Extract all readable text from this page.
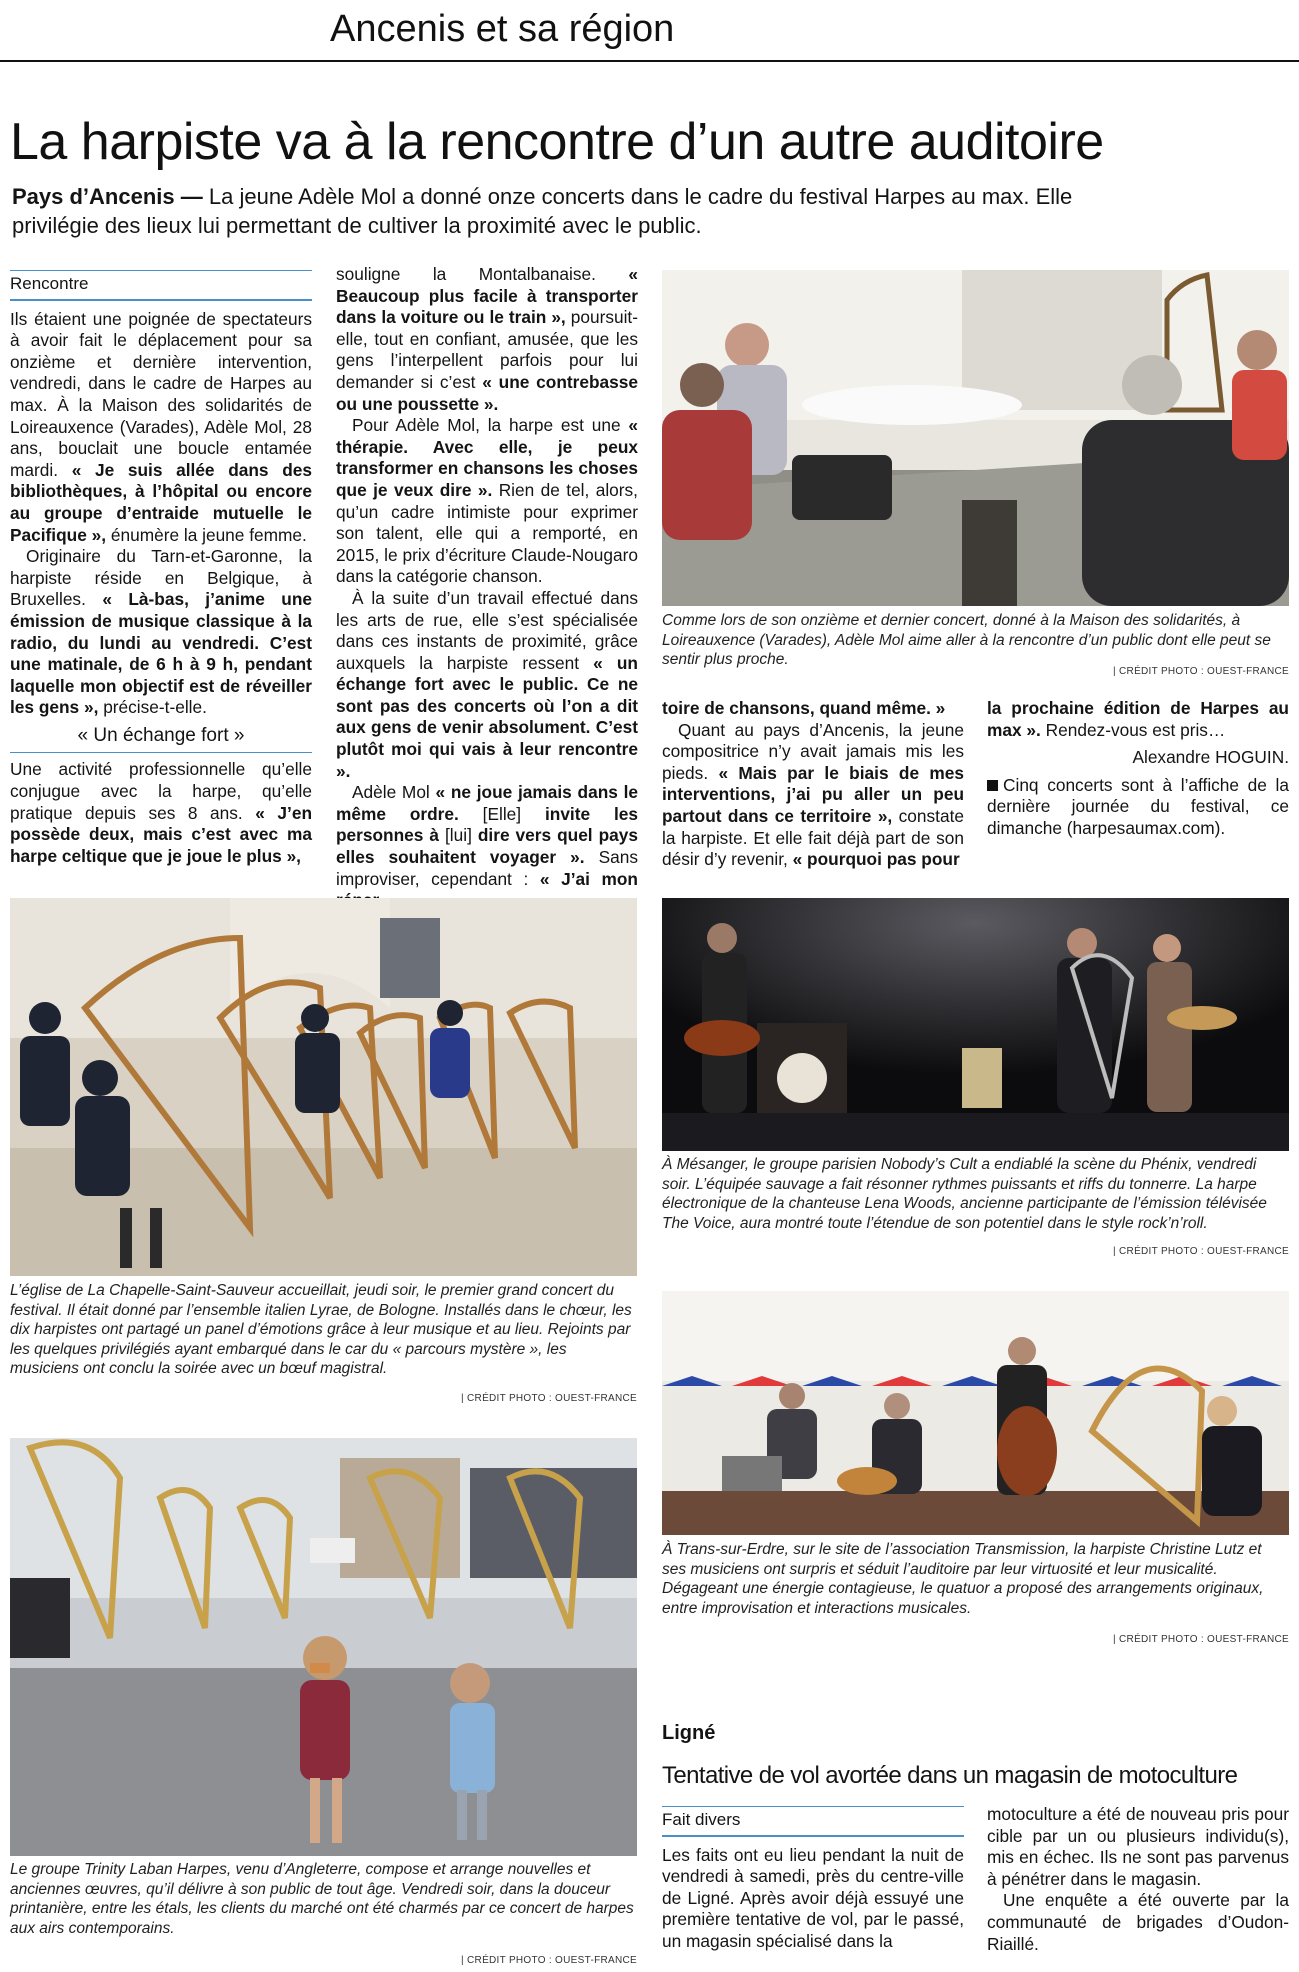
Ancenis et sa région
La harpiste va à la rencontre d’un autre auditoire
Pays d’Ancenis — La jeune Adèle Mol a donné onze concerts dans le cadre du festival Harpes au max. Elle privilégie des lieux lui permettant de cultiver la proximité avec le public.
Rencontre

Ils étaient une poignée de spectateurs à avoir fait le déplacement pour sa onzième et dernière intervention, vendredi, dans le cadre de Harpes au max. À la Maison des solidarités de Loireauxence (Varades), Adèle Mol, 28 ans, bouclait une boucle entamée mardi. « Je suis allée dans des bibliothèques, à l’hôpital ou encore au groupe d’entraide mutuelle le Pacifique », énumère la jeune femme.

Originaire du Tarn-et-Garonne, la harpiste réside en Belgique, à Bruxelles. « Là-bas, j’anime une émission de musique classique à la radio, du lundi au vendredi. C’est une matinale, de 6 h à 9 h, pendant laquelle mon objectif est de réveiller les gens », précise-t-elle.

« Un échange fort »

Une activité professionnelle qu’elle conjugue avec la harpe, qu’elle pratique depuis ses 8 ans. « J’en possède deux, mais c’est avec ma harpe celtique que je joue le plus »,

souligne la Montalbanaise. « Beaucoup plus facile à transporter dans la voiture ou le train », poursuit-elle, tout en confiant, amusée, que les gens l’interpellent parfois pour lui demander si c’est « une contrebasse ou une poussette ».

Pour Adèle Mol, la harpe est une « thérapie. Avec elle, je peux transformer en chansons les choses que je veux dire ». Rien de tel, alors, qu’un cadre intimiste pour exprimer son talent, elle qui a remporté, en 2015, le prix d’écriture Claude-Nougaro dans la catégorie chanson.

À la suite d’un travail effectué dans les arts de rue, elle s’est spécialisée dans ces instants de proximité, grâce auxquels la harpiste ressent « un échange fort avec le public. Ce ne sont pas des concerts où l’on a dit aux gens de venir absolument. C’est plutôt moi qui vais à leur rencontre ».

Adèle Mol « ne joue jamais dans le même ordre. [Elle] invite les personnes à [lui] dire vers quel pays elles souhaitent voyager ». Sans improviser, cependant : « J’ai mon

Comme lors de son onzième et dernier concert, donné à la Maison des solidarités, à Loireauxence (Varades), Adèle Mol aime aller à la rencontre d’un public dont elle peut se sentir plus proche.
| CRÉDIT PHOTO : OUEST-FRANCE

toire de chansons, quand même. »

Quant au pays d’Ancenis, la jeune compositrice n’y avait jamais mis les pieds. « Mais par le biais de mes interventions, j’ai pu aller un peu partout dans ce territoire », constate la harpiste. Et elle fait déjà part de son désir d’y revenir, « pourquoi pas pour

la prochaine édition de Harpes au max ». Rendez-vous est pris…

Alexandre HOGUIN.

Cinq concerts sont à l’affiche de la dernière journée du festival, ce dimanche (harpesaumax.com).

L’église de La Chapelle-Saint-Sauveur accueillait, jeudi soir, le premier grand concert du festival. Il était donné par l’ensemble italien Lyrae, de Bologne. Installés dans le chœur, les dix harpistes ont partagé un panel d’émotions grâce à leur musique et au lieu. Rejoints par les quelques privilégiés ayant embarqué dans le car du « parcours mystère », les musiciens ont conclu la soirée avec un bœuf magistral.
| CRÉDIT PHOTO : OUEST-FRANCE
À Mésanger, le groupe parisien Nobody’s Cult a endiablé la scène du Phénix, vendredi soir. L’équipée sauvage a fait résonner rythmes puissants et riffs du tonnerre. La harpe électronique de la chanteuse Lena Woods, ancienne participante de l’émission télévisée The Voice, aura montré toute l’étendue de son potentiel dans le style rock’n’roll.
| CRÉDIT PHOTO : OUEST-FRANCE
À Trans-sur-Erdre, sur le site de l’association Transmission, la harpiste Christine Lutz et ses musiciens ont surpris et séduit l’auditoire par leur virtuosité et leur musicalité. Dégageant une énergie contagieuse, le quatuor a proposé des arrangements originaux, entre improvisation et interactions musicales.
| CRÉDIT PHOTO : OUEST-FRANCE
Le groupe Trinity Laban Harpes, venu d’Angleterre, compose et arrange nouvelles et anciennes œuvres, qu’il délivre à son public de tout âge. Vendredi soir, dans la douceur printanière, entre les étals, les clients du marché ont été charmés par ce concert de harpes aux airs contemporains.
| CRÉDIT PHOTO : OUEST-FRANCE
Ligné
Tentative de vol avortée dans un magasin de motoculture
Fait divers

Les faits ont eu lieu pendant la nuit de vendredi à samedi, près du centre-ville de Ligné. Après avoir déjà essuyé une première tentative de vol, par le passé, un magasin spécialisé dans la

motoculture a été de nouveau pris pour cible par un ou plusieurs individu(s), mis en échec. Ils ne sont pas parvenus à pénétrer dans le magasin.

Une enquête a été ouverte par la communauté de brigades d’Oudon-Riaillé.
